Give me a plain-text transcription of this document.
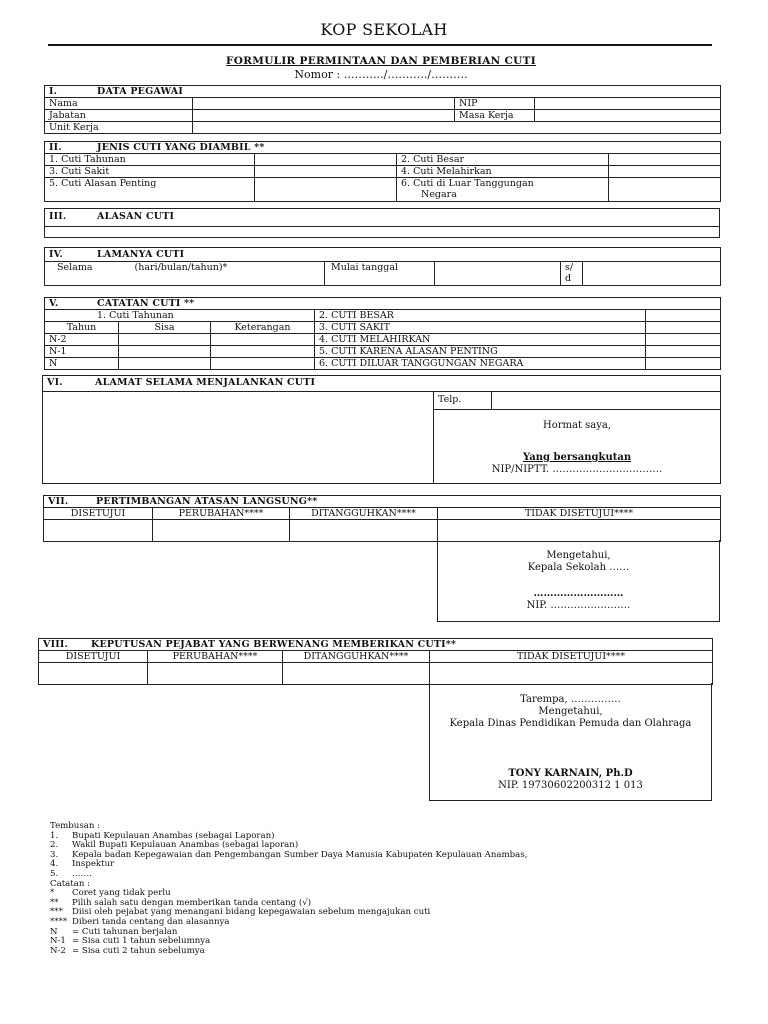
KOP SEKOLAH
FORMULIR PERMINTAAN DAN PEMBERIAN CUTI
Nomor : ………../………../……….
I. DATA PEGAWAI			
Nama		NIP	
Jabatan		Masa Kerja	
Unit Kerja			
II. JENIS CUTI YANG DIAMBIL **			
1. Cuti Tahunan		2. Cuti Besar	
3. Cuti Sakit		4. Cuti Melahirkan	
5. Cuti Alasan Penting		6. Cuti di Luar Tanggungan
Negara	

III.	ALASAN CUTI

IV.	LAMANYA CUTI
Selama	(hari/bulan/tahun)*	Mulai tanggal		s/
d

V. CATATAN CUTI **				
1. Cuti Tahunan			2. CUTI BESAR	
Tahun	Sisa	Keterangan	3. CUTI SAKIT	
N-2			4. CUTI MELAHIRKAN	
N-1			5. CUTI KARENA ALASAN PENTING	
N			6. CUTI DILUAR TANGGUNGAN NEGARA	
VI.	ALAMAT SELAMA MENJALANKAN CUTI
	Telp.	

Hormat saya,
Yang bersangkutan
NIP/NIPTT. ……………………………
VII. PERTIMBANGAN ATASAN LANGSUNG**			
DISETUJUI	PERUBAHAN****	DITANGGUHKAN****	TIDAK DISETUJUI****

Mengetahui,
Kepala Sekolah ……
………………………
NIP. ……………………
VIII. KEPUTUSAN PEJABAT YANG BERWENANG MEMBERIKAN CUTI**			
DISETUJUI	PERUBAHAN****	DITANGGUHKAN****	TIDAK DISETUJUI****

Tarempa, ……………
Mengetahui,
Kepala Dinas Pendidikan Pemuda dan Olahraga
TONY KARNAIN, Ph.D
NIP. 19730602200312 1 013
Tembusan :
1. Bupati Kepulauan Anambas (sebagai Laporan)
2. Wakil Bupati Kepulauan Anambas (sebagai laporan)
3. Kepala badan Kepegawaian dan Pengembangan Sumber Daya Manusia Kabupaten Kepulauan Anambas,
4. Inspektur
5. …….
Catatan :
* Coret yang tidak perlu
** Pilih salah satu dengan memberikan tanda centang (√)
*** Diisi oleh pejabat yang menangani bidang kepegawaian sebelum mengajukan cuti
**** Diberi tanda centang dan alasannya
N = Cuti tahunan berjalan
N-1 = Sisa cuti 1 tahun sebelumnya
N-2 = Sisa cuti 2 tahun sebelumya
